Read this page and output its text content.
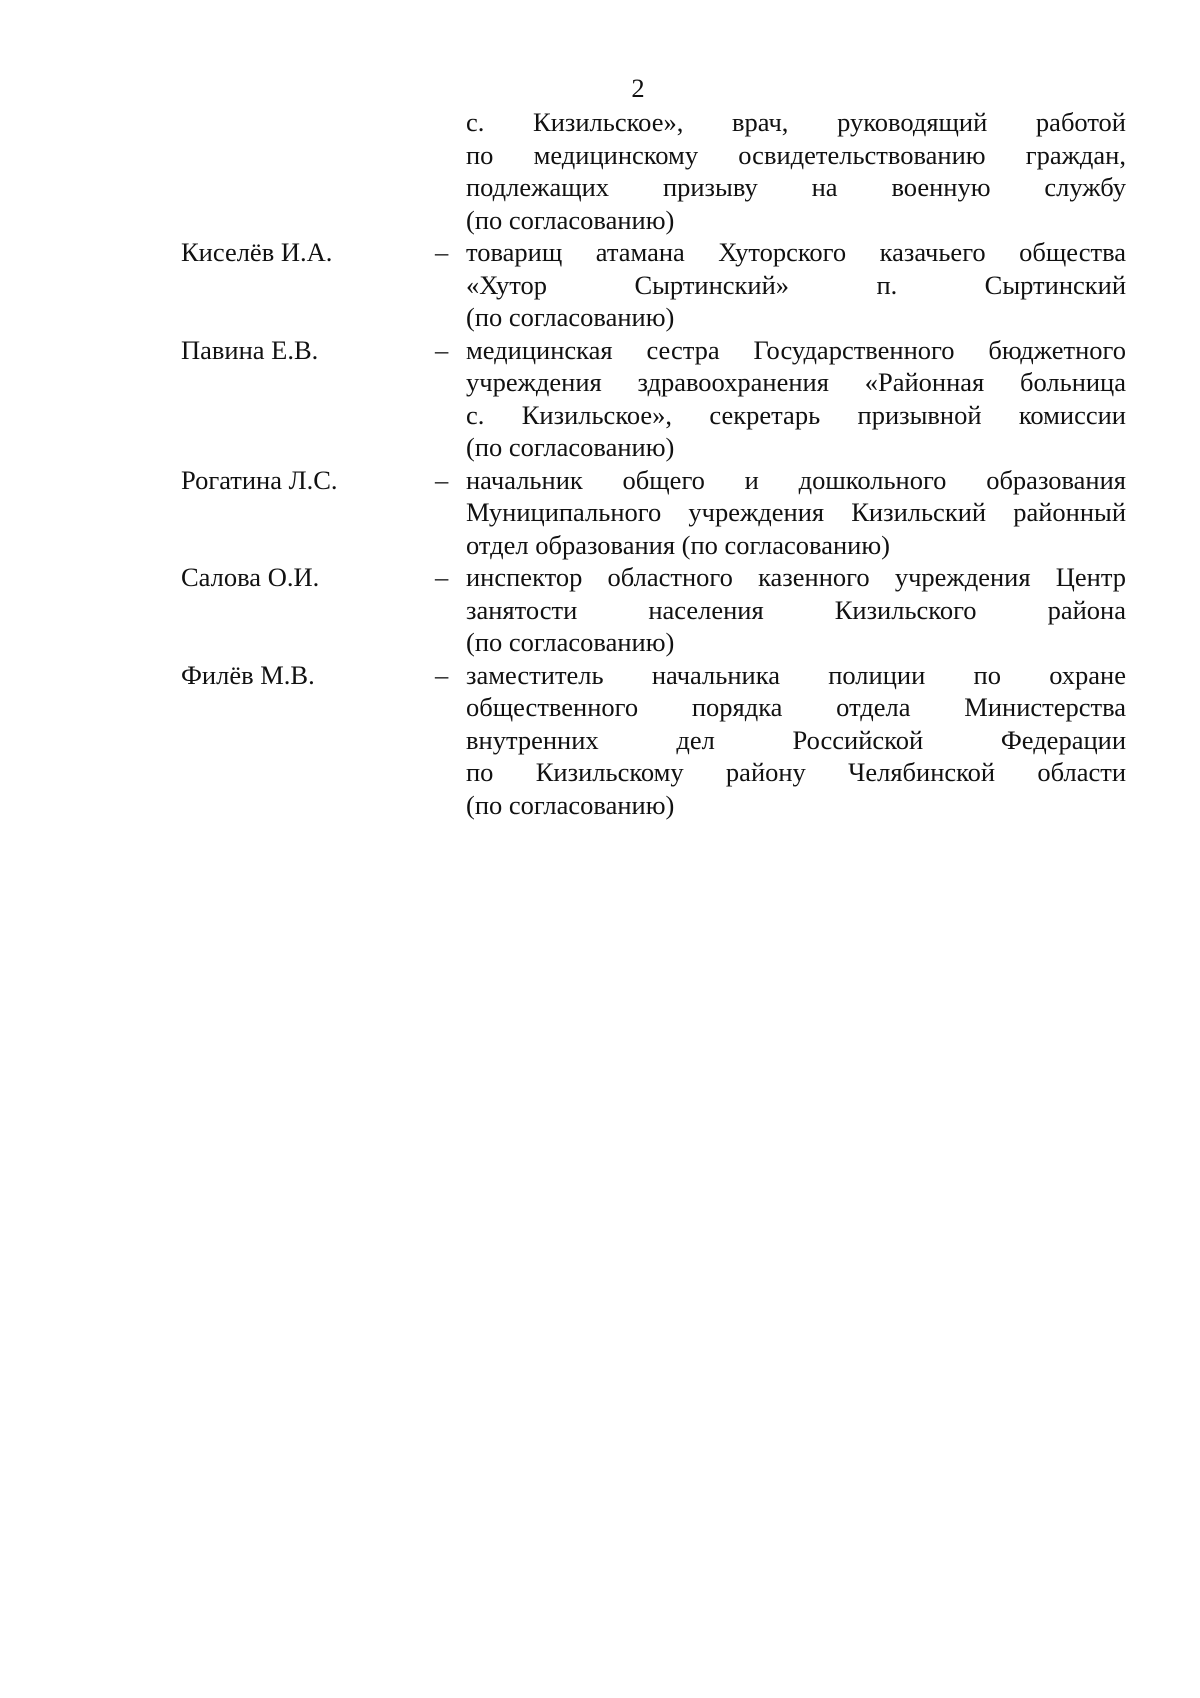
2
с. Кизильское», врач, руководящий работой
по медицинскому освидетельствованию граждан,
подлежащих призыву на военную службу
(по согласованию)
Киселёв И.А.	– товарищ атамана Хуторского казачьего общества
«Хутор Сыртинский» п. Сыртинский
(по согласованию)
Павина Е.В.	– медицинская сестра Государственного бюджетного
учреждения здравоохранения «Районная больница
с. Кизильское», секретарь призывной комиссии
(по согласованию)
Рогатина Л.С.	– начальник общего и дошкольного образования
Муниципального учреждения Кизильский районный
отдел образования (по согласованию)
Салова О.И.	– инспектор областного казенного учреждения Центр
занятости населения Кизильского района
(по согласованию)
Филёв М.В.	– заместитель начальника полиции по охране
общественного порядка отдела Министерства
внутренних дел Российской Федерации
по Кизильскому району Челябинской области
(по согласованию)
